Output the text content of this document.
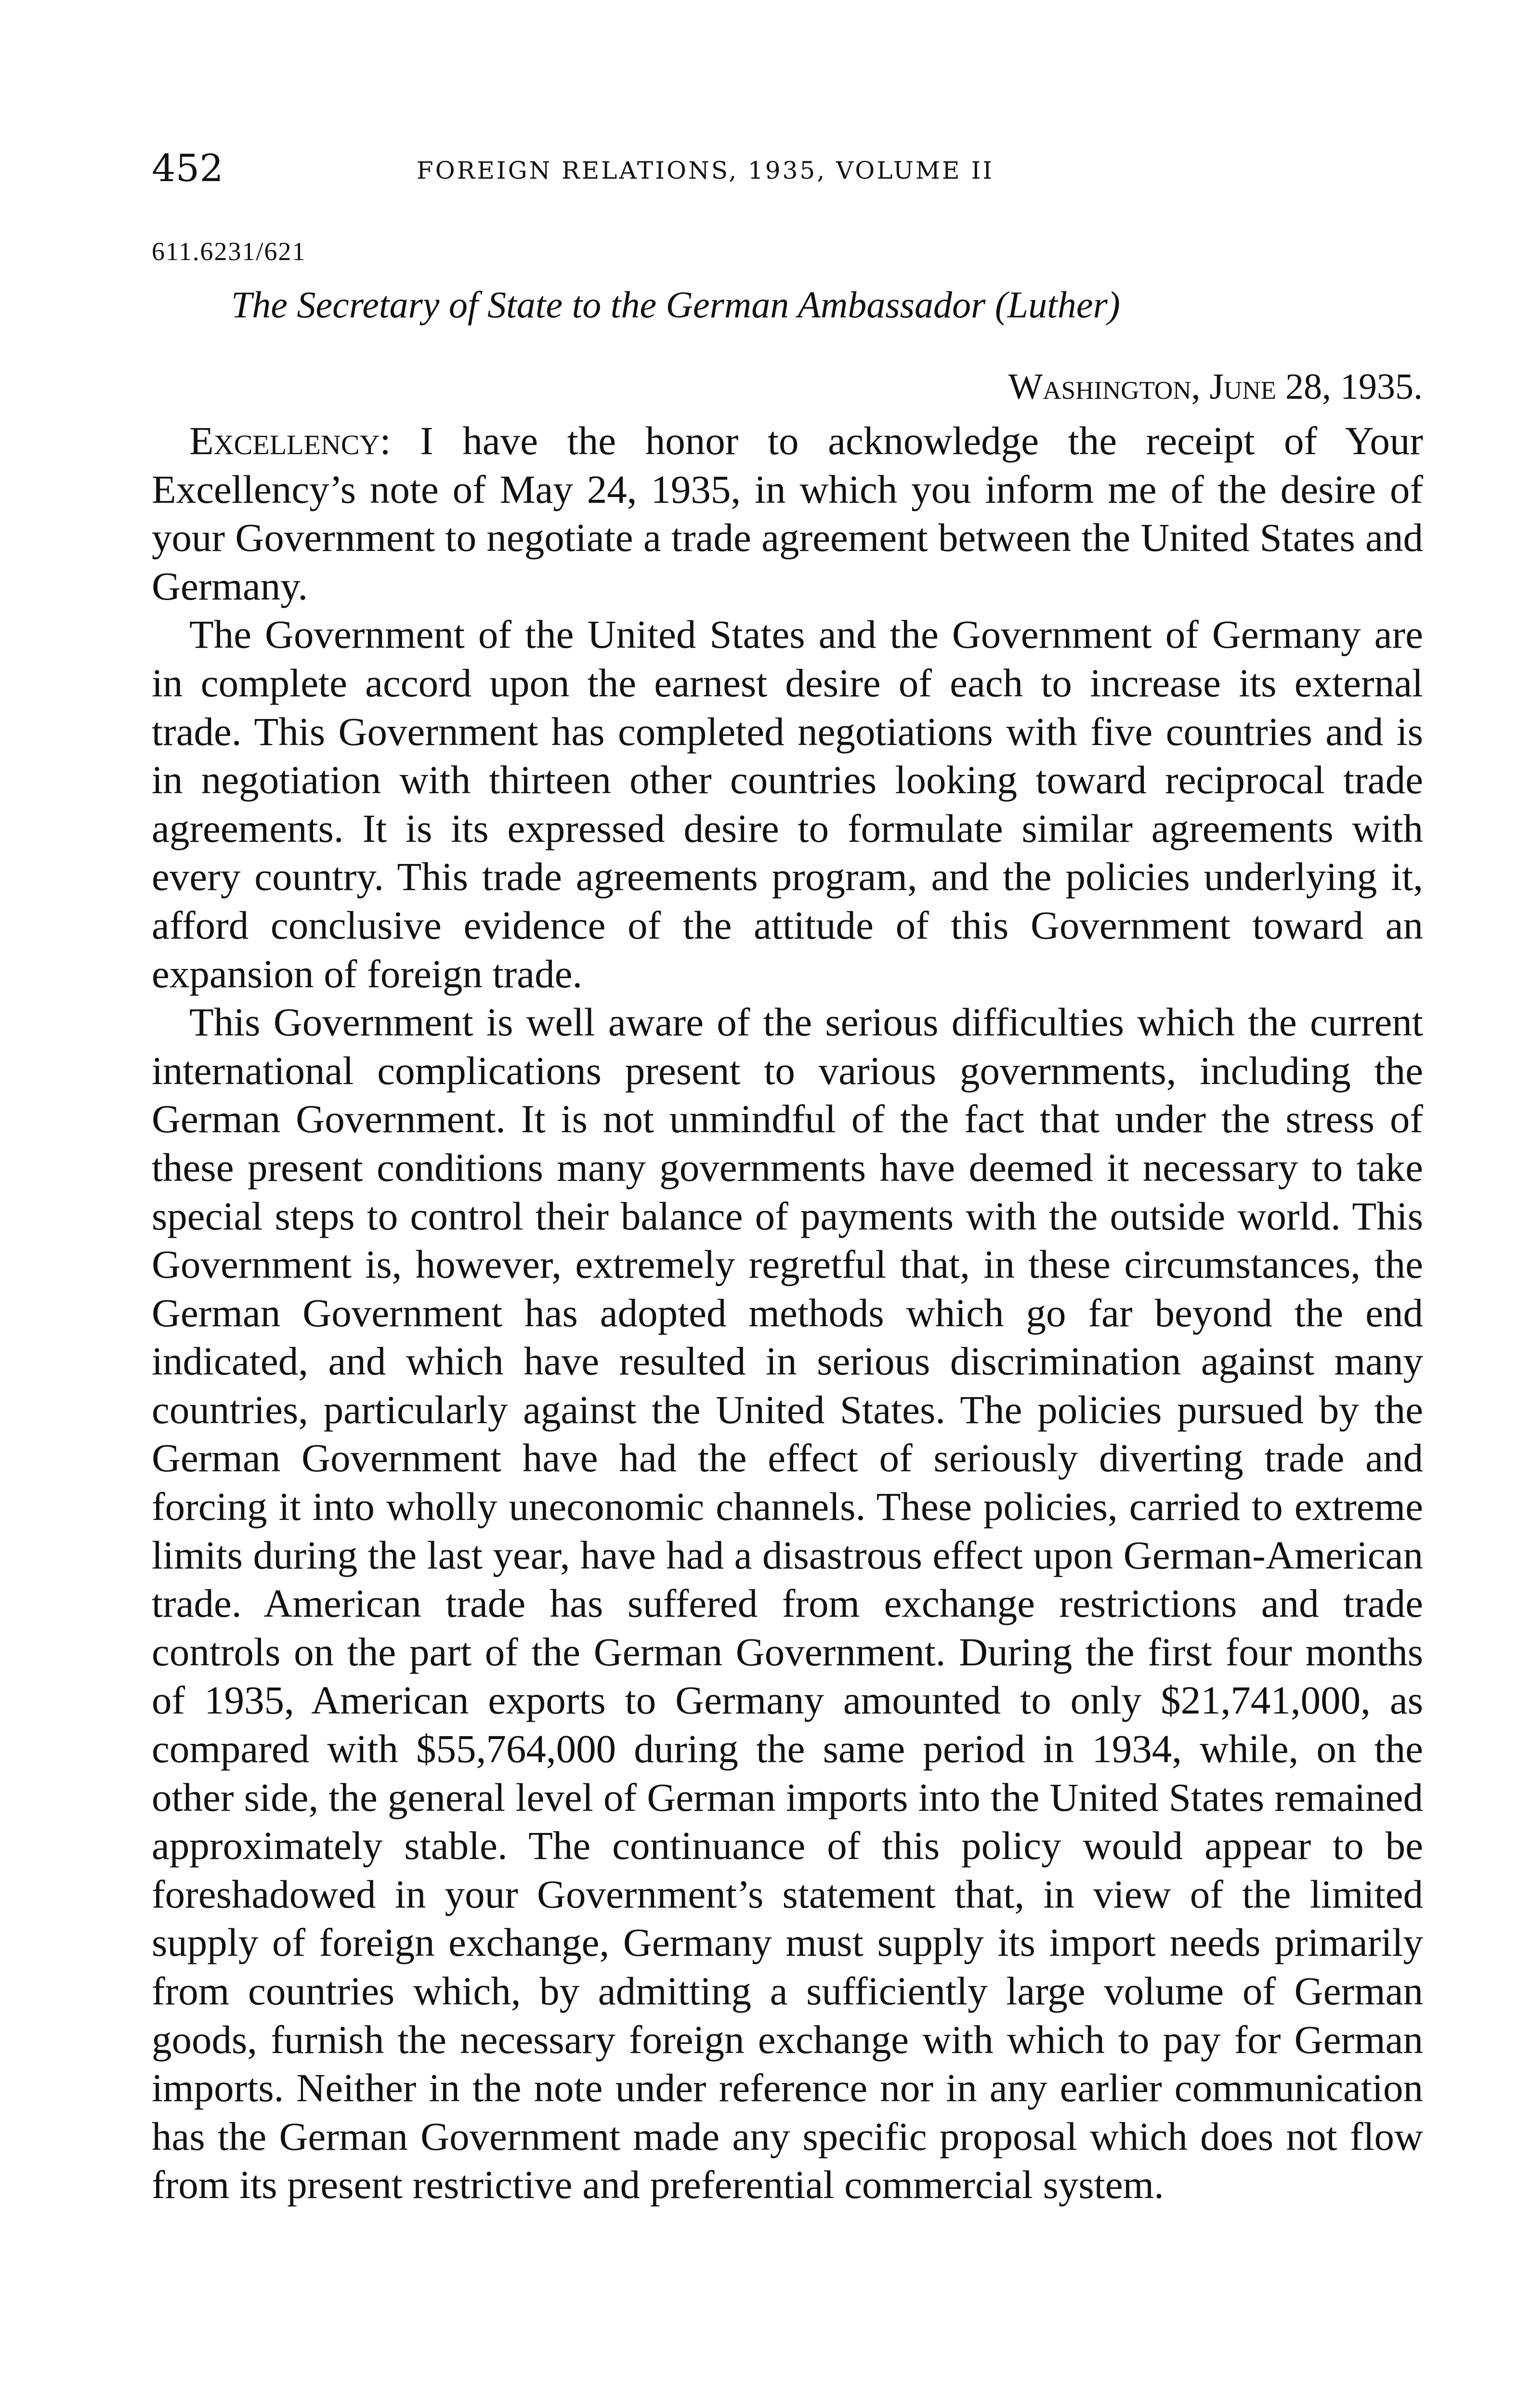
452	FOREIGN RELATIONS, 1935, VOLUME II
611.6231/621
The Secretary of State to the German Ambassador (Luther)
Washington, June 28, 1935.

Excellency: I have the honor to acknowledge the receipt of Your Excellency’s note of May 24, 1935, in which you inform me of the desire of your Government to negotiate a trade agreement between the United States and Germany.

The Government of the United States and the Government of Germany are in complete accord upon the earnest desire of each to increase its external trade. This Government has completed negotiations with five countries and is in negotiation with thirteen other countries looking toward reciprocal trade agreements. It is its expressed desire to formulate similar agreements with every country. This trade agreements program, and the policies underlying it, afford conclusive evidence of the attitude of this Government toward an expansion of foreign trade.

This Government is well aware of the serious difficulties which the current international complications present to various governments, including the German Government. It is not unmindful of the fact that under the stress of these present conditions many governments have deemed it necessary to take special steps to control their balance of payments with the outside world. This Government is, however, extremely regretful that, in these circumstances, the German Government has adopted methods which go far beyond the end indicated, and which have resulted in serious discrimination against many countries, particularly against the United States. The policies pursued by the German Government have had the effect of seriously diverting trade and forcing it into wholly uneconomic channels. These policies, carried to extreme limits during the last year, have had a disastrous effect upon German-American trade. American trade has suffered from exchange restrictions and trade controls on the part of the German Government. During the first four months of 1935, American exports to Germany amounted to only $21,741,000, as compared with $55,764,000 during the same period in 1934, while, on the other side, the general level of German imports into the United States remained approximately stable. The continuance of this policy would appear to be foreshadowed in your Government’s statement that, in view of the limited supply of foreign exchange, Germany must supply its import needs primarily from countries which, by admitting a sufficiently large volume of German goods, furnish the necessary foreign exchange with which to pay for German imports. Neither in the note under reference nor in any earlier communication has the German Government made any specific proposal which does not flow from its present restrictive and preferential commercial system.
